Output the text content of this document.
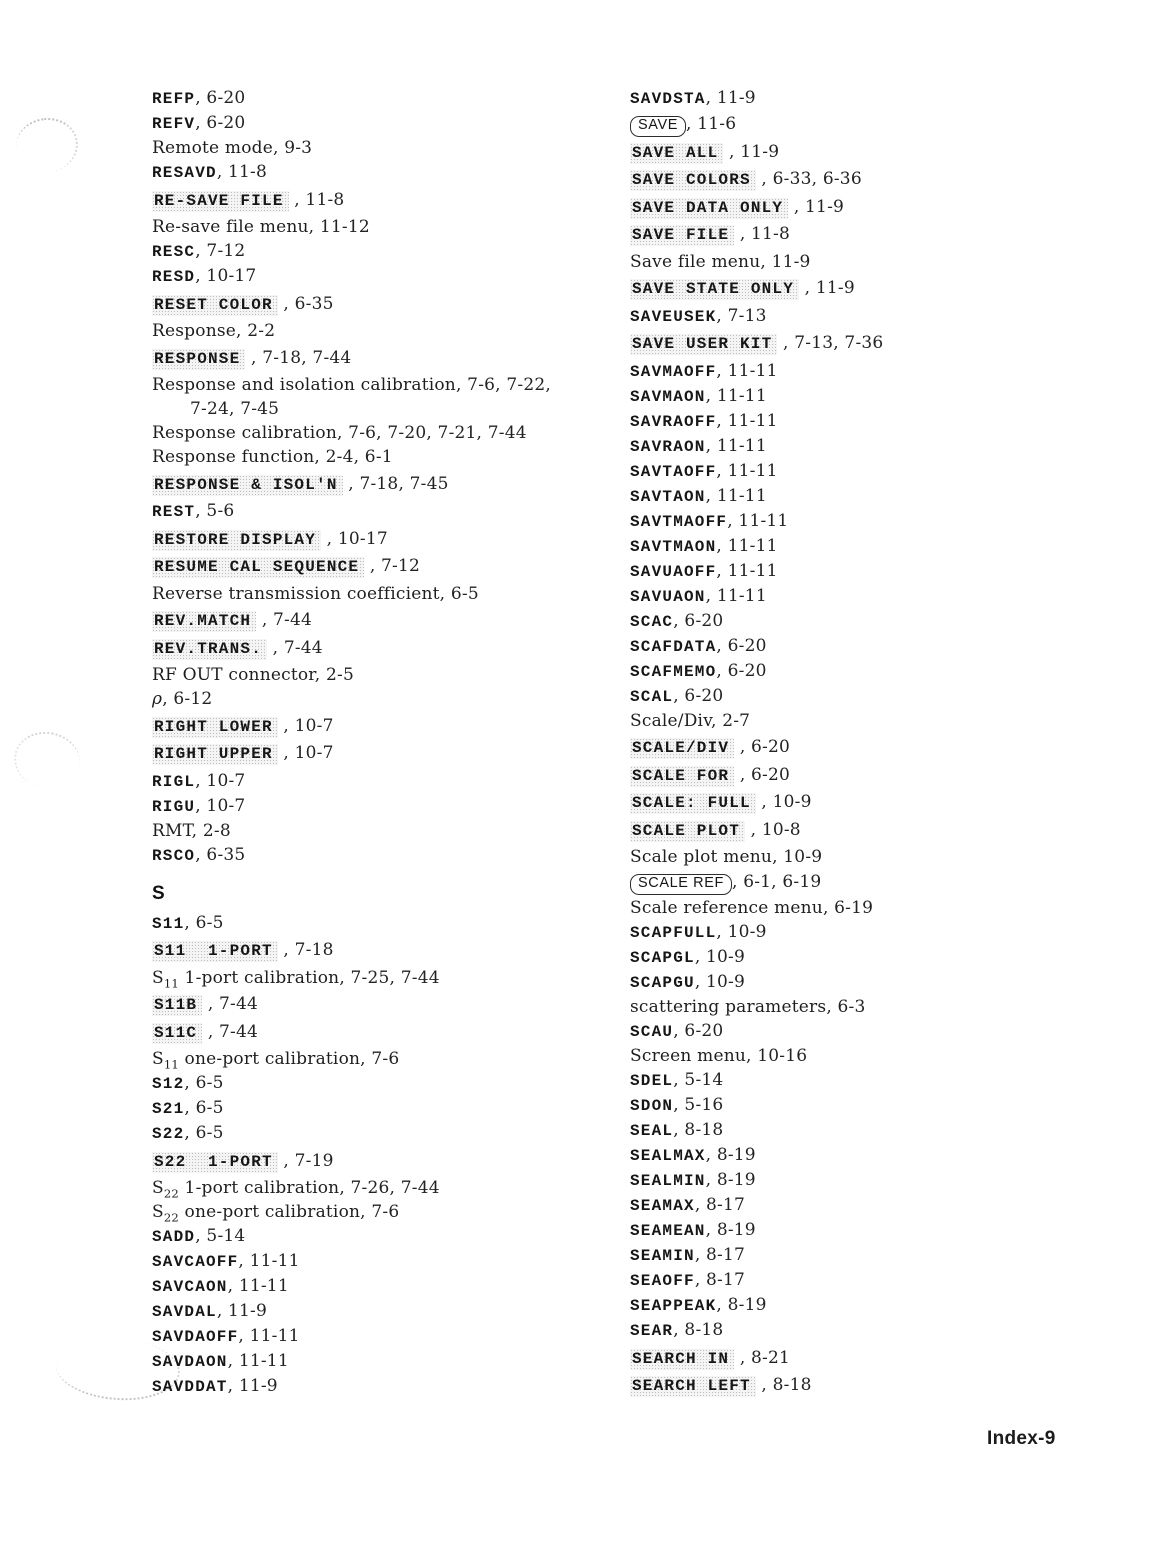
REFP, 6-20
REFV, 6-20
Remote mode, 9-3
RESAVD, 11-8
RE-SAVE FILE , 11-8
Re-save file menu, 11-12
RESC, 7-12
RESD, 10-17
RESET COLOR , 6-35
Response, 2-2
RESPONSE , 7-18, 7-44
Response and isolation calibration, 7-6, 7-22,
7-24, 7-45
Response calibration, 7-6, 7-20, 7-21, 7-44
Response function, 2-4, 6-1
RESPONSE & ISOL'N , 7-18, 7-45
REST, 5-6
RESTORE DISPLAY , 10-17
RESUME CAL SEQUENCE , 7-12
Reverse transmission coefficient, 6-5
REV.MATCH , 7-44
REV.TRANS. , 7-44
RF OUT connector, 2-5
ρ, 6-12
RIGHT LOWER , 10-7
RIGHT UPPER , 10-7
RIGL, 10-7
RIGU, 10-7
RMT, 2-8
RSCO, 6-35
S
S11, 6-5
S11  1-PORT , 7-18
$S_{11}$ 1-port calibration, 7-25, 7-44
S11B , 7-44
S11C , 7-44
$S_{11}$ one-port calibration, 7-6
S12, 6-5
S21, 6-5
S22, 6-5
S22  1-PORT , 7-19
$S_{22}$ 1-port calibration, 7-26, 7-44
$S_{22}$ one-port calibration, 7-6
SADD, 5-14
SAVCAOFF, 11-11
SAVCAON, 11-11
SAVDAL, 11-9
SAVDAOFF, 11-11
SAVDAON, 11-11
SAVDDAT, 11-9
SAVDSTA, 11-9
SAVE , 11-6
SAVE ALL , 11-9
SAVE COLORS , 6-33, 6-36
SAVE DATA ONLY , 11-9
SAVE FILE , 11-8
Save file menu, 11-9
SAVE STATE ONLY , 11-9
SAVEUSEK, 7-13
SAVE USER KIT , 7-13, 7-36
SAVMAOFF, 11-11
SAVMAON, 11-11
SAVRAOFF, 11-11
SAVRAON, 11-11
SAVTAOFF, 11-11
SAVTAON, 11-11
SAVTMAOFF, 11-11
SAVTMAON, 11-11
SAVUAOFF, 11-11
SAVUAON, 11-11
SCAC, 6-20
SCAFDATA, 6-20
SCAFMEMO, 6-20
SCAL, 6-20
Scale/Div, 2-7
SCALE/DIV , 6-20
SCALE FOR , 6-20
SCALE: FULL , 10-9
SCALE PLOT , 10-8
Scale plot menu, 10-9
SCALE REF , 6-1, 6-19
Scale reference menu, 6-19
SCAPFULL, 10-9
SCAPGL, 10-9
SCAPGU, 10-9
scattering parameters, 6-3
SCAU, 6-20
Screen menu, 10-16
SDEL, 5-14
SDON, 5-16
SEAL, 8-18
SEALMAX, 8-19
SEALMIN, 8-19
SEAMAX, 8-17
SEAMEAN, 8-19
SEAMIN, 8-17
SEAOFF, 8-17
SEAPPEAK, 8-19
SEAR, 8-18
SEARCH IN , 8-21
SEARCH LEFT , 8-18
Index-9
